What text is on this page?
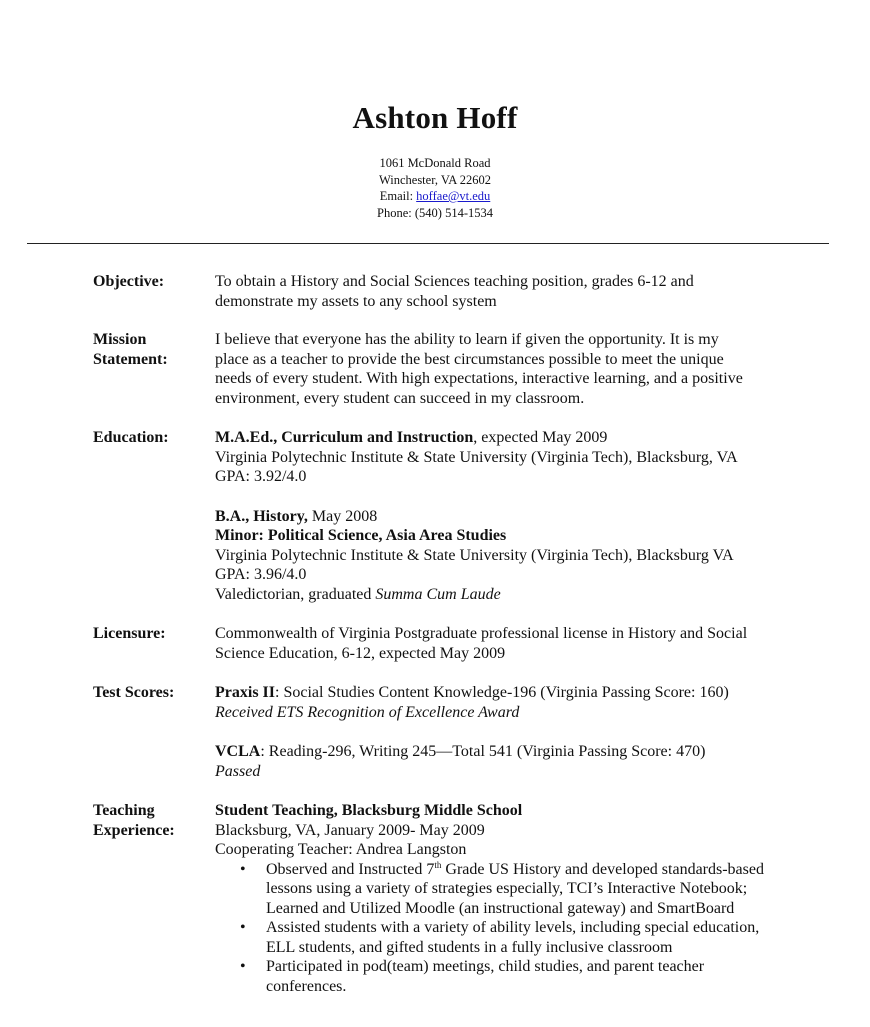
Ashton Hoff
1061 McDonald Road
Winchester, VA 22602
Email: hoffae@vt.edu
Phone: (540) 514-1534
Objective:	To obtain a History and Social Sciences teaching position, grades 6-12 and

demonstrate my assets to any school system

Mission
Statement:

I believe that everyone has the ability to learn if given the opportunity. It is my

place as a teacher to provide the best circumstances possible to meet the unique

needs of every student. With high expectations, interactive learning, and a positive

environment, every student can succeed in my classroom.

Education:	M.A.Ed., Curriculum and Instruction, expected May 2009

Virginia Polytechnic Institute & State University (Virginia Tech), Blacksburg, VA

GPA: 3.92/4.0

B.A., History, May 2008

Minor: Political Science, Asia Area Studies

Virginia Polytechnic Institute & State University (Virginia Tech), Blacksburg VA

GPA: 3.96/4.0

Valedictorian, graduated Summa Cum Laude

Licensure:	Commonwealth of Virginia Postgraduate professional license in History and Social

Science Education, 6-12, expected May 2009

Test Scores:	Praxis II: Social Studies Content Knowledge-196 (Virginia Passing Score: 160)

Received ETS Recognition of Excellence Award

VCLA: Reading-296, Writing 245—Total 541 (Virginia Passing Score: 470)

Passed

Teaching
Experience:

Student Teaching, Blacksburg Middle School

Blacksburg, VA, January 2009- May 2009

Cooperating Teacher: Andrea Langston

• Observed and Instructed 7th Grade US History and developed standards-based lessons using a variety of strategies especially, TCI’s Interactive Notebook; Learned and Utilized Moodle (an instructional gateway) and SmartBoard
• Assisted students with a variety of ability levels, including special education, ELL students, and gifted students in a fully inclusive classroom
• Participated in pod(team) meetings, child studies, and parent teacher conferences.
